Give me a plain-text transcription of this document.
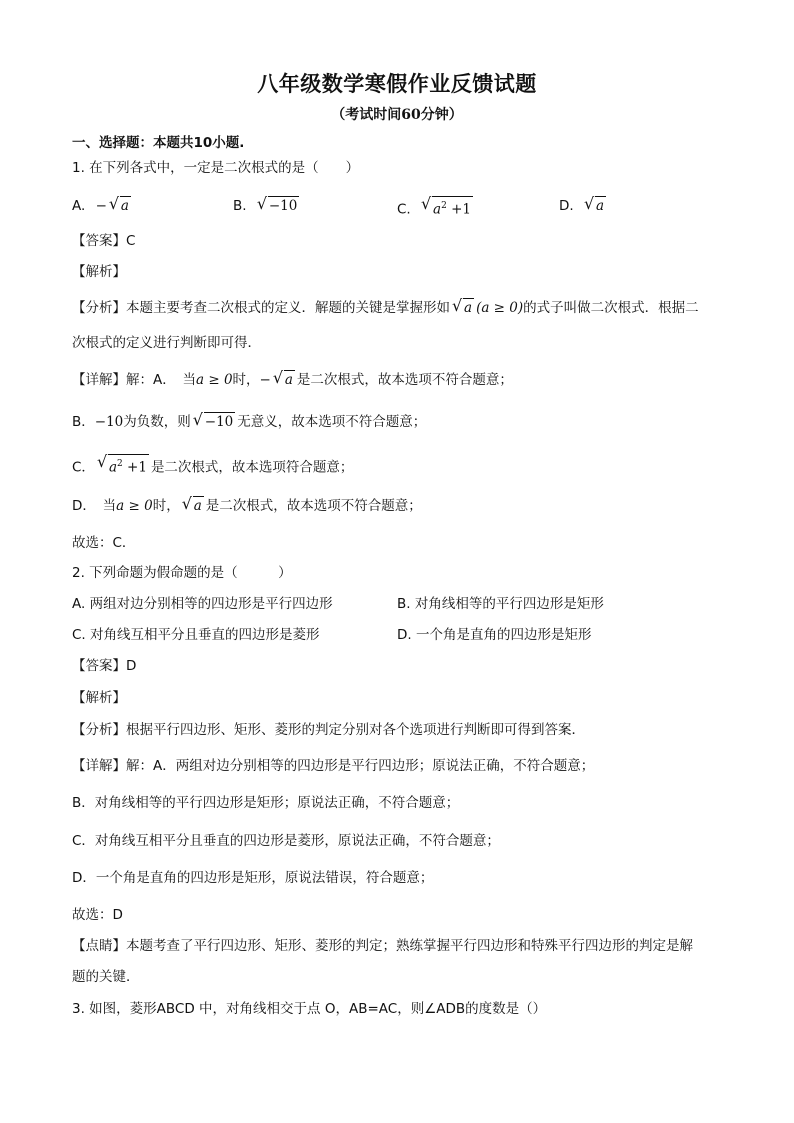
八年级数学寒假作业反馈试题
（考试时间60分钟）
一、选择题：本题共10小题.
1. 在下列各式中，一定是二次根式的是（　　）
A. − √ a	B. √ −10	C. √ $a^2 +1$	D. √ a
【答案】C
【解析】
【分析】本题主要考查二次根式的定义．解题的关键是掌握形如 √ a (a ≥ 0)的式子叫做二次根式．根据二
次根式的定义进行判断即可得．
【详解】解：A．　当a ≥ 0时，− √ a 是二次根式，故本选项不符合题意；
B．−10为负数，则 √ −10 无意义，故本选项不符合题意；
C． √ $a^2 +1$ 是二次根式，故本选项符合题意；
D．　当a ≥ 0时， √ a 是二次根式，故本选项不符合题意；
故选：C．
2. 下列命题为假命题的是（　　　）
A. 两组对边分别相等的四边形是平行四边形	B. 对角线相等的平行四边形是矩形
C. 对角线互相平分且垂直的四边形是菱形	D. 一个角是直角的四边形是矩形
【答案】D
【解析】
【分析】根据平行四边形、矩形、菱形的判定分别对各个选项进行判断即可得到答案．
【详解】解：A．两组对边分别相等的四边形是平行四边形；原说法正确，不符合题意；
B．对角线相等的平行四边形是矩形；原说法正确，不符合题意；
C．对角线互相平分且垂直的四边形是菱形，原说法正确，不符合题意；
D．一个角是直角的四边形是矩形，原说法错误，符合题意；
故选：D
【点睛】本题考查了平行四边形、矩形、菱形的判定；熟练掌握平行四边形和特殊平行四边形的判定是解
题的关键．
3. 如图，菱形ABCD 中，对角线相交于点 O，AB=AC，则∠ADB的度数是（）
